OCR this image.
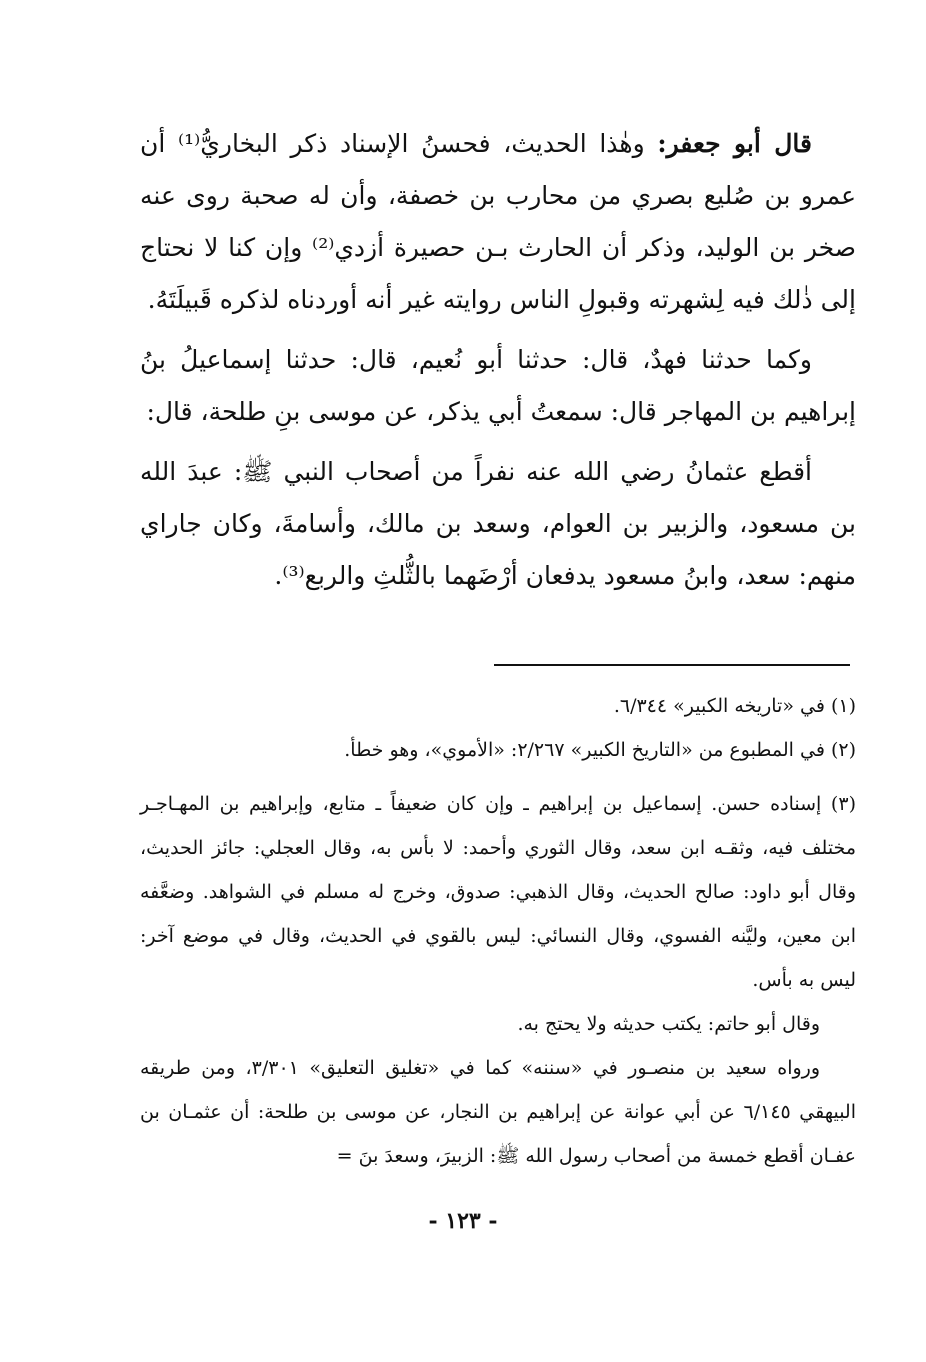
قال أبو جعفر: وهٰذا الحديث، فحسنُ الإسناد ذكر البخاريُّ⁽¹⁾ أن عمرو بن صُليع بصري من محارب بن خصفة، وأن له صحبة روى عنه صخر بن الوليد، وذكر أن الحارث بـن حصيرة أزدي⁽²⁾ وإن كنا لا نحتاج إلى ذٰلك فيه لِشهرته وقبولِ الناس روايته غير أنه أوردناه لذكره قَبيلَتَهُ.

وكما حدثنا فهدٌ، قال: حدثنا أبو نُعيم، قال: حدثنا إسماعيلُ بنُ إبراهيم بن المهاجر قال: سمعتُ أبي يذكر، عن موسى بنِ طلحة، قال:

أقطع عثمانُ رضي الله عنه نفراً من أصحاب النبي ﷺ: عبدَ الله بن مسعود، والزبير بن العوام، وسعد بن مالك، وأسامةَ، وكان جاراي منهم: سعد، وابنُ مسعود يدفعان أرْضَهما بالثُّلثِ والربع⁽³⁾.

(١) في «تاريخه الكبير» ٦/٣٤٤.

(٢) في المطبوع من «التاريخ الكبير» ٢/٢٦٧: «الأموي»، وهو خطأ.

(٣) إسناده حسن. إسماعيل بن إبراهيم ـ وإن كان ضعيفاً ـ متابع، وإبراهيم بن المهـاجـر مختلف فيه، وثقـه ابن سعد، وقال الثوري وأحمد: لا بأس به، وقال العجلي: جائز الحديث، وقال أبو داود: صالح الحديث، وقال الذهبي: صدوق، وخرج له مسلم في الشواهد. وضعَّفه ابن معين، وليَّنه الفسوي، وقال النسائي: ليس بالقوي في الحديث، وقال في موضع آخر: ليس به بأس.

وقال أبو حاتم: يكتب حديثه ولا يحتج به.

ورواه سعيد بن منصـور في «سننه» كما في «تغليق التعليق» ٣/٣٠١، ومن طريقه البيهقي ٦/١٤٥ عن أبي عوانة عن إبراهيم بن النجار، عن موسى بن طلحة: أن عثمـان بن عفـان أقطع خمسة من أصحاب رسول الله ﷺ: الزبيرَ، وسعدَ بنَ =

- ١٢٣ -
